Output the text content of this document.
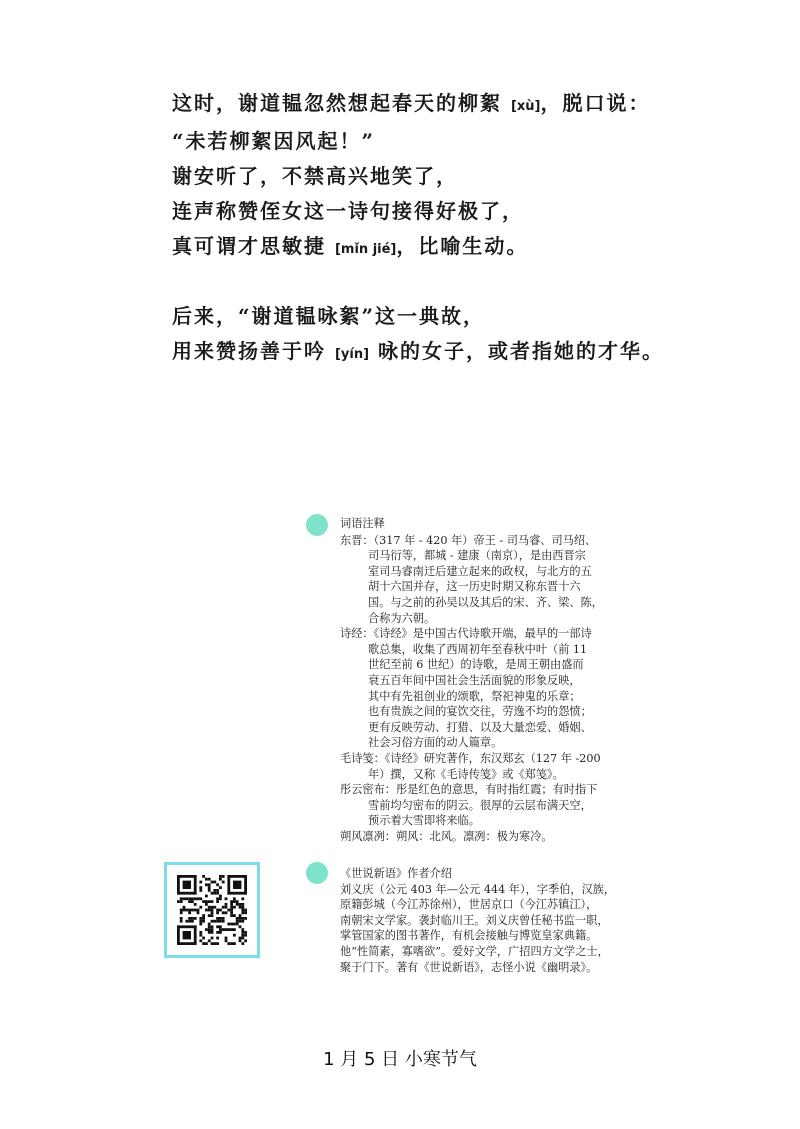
这时，谢道韫忽然想起春天的柳絮 [xù]，脱口说：
“未若柳絮因风起！”
谢安听了，不禁高兴地笑了，
连声称赞侄女这一诗句接得好极了，
真可谓才思敏捷 [mǐn jié]，比喻生动。
后来，“谢道韫咏絮”这一典故，
用来赞扬善于吟 [yín] 咏的女子，或者指她的才华。
词语注释
东晋：（317 年 - 420 年）帝王 - 司马睿、司马绍、
司马衍等，都城 - 建康（南京），是由西晋宗
室司马睿南迁后建立起来的政权，与北方的五
胡十六国并存，这一历史时期又称东晋十六
国。与之前的孙吴以及其后的宋、齐、梁、陈，
合称为六朝。
诗经：《诗经》是中国古代诗歌开端，最早的一部诗
歌总集，收集了西周初年至春秋中叶（前 11
世纪至前 6 世纪）的诗歌，是周王朝由盛而
衰五百年间中国社会生活面貌的形象反映，
其中有先祖创业的颂歌，祭祀神鬼的乐章；
也有贵族之间的宴饮交往，劳逸不均的怨愤；
更有反映劳动、打猎、以及大量恋爱、婚姻、
社会习俗方面的动人篇章。
毛诗笺：《诗经》研究著作，东汉郑玄（127 年 -200
年）撰，又称《毛诗传笺》或《郑笺》。
彤云密布：彤是红色的意思，有时指红霞；有时指下
雪前均匀密布的阴云。很厚的云层布满天空，
预示着大雪即将来临。
朔风凛冽：朔风：北风。凛冽：极为寒冷。
《世说新语》作者介绍
刘义庆（公元 403 年—公元 444 年），字季伯，汉族，
原籍彭城（今江苏徐州），世居京口（今江苏镇江），
南朝宋文学家。袭封临川王。刘义庆曾任秘书监一职，
掌管国家的图书著作，有机会接触与博览皇家典籍。
他“性简素，寡嗜欲”。爱好文学，广招四方文学之士，
聚于门下。著有《世说新语》，志怪小说《幽明录》。
1 月 5 日 小寒节气
